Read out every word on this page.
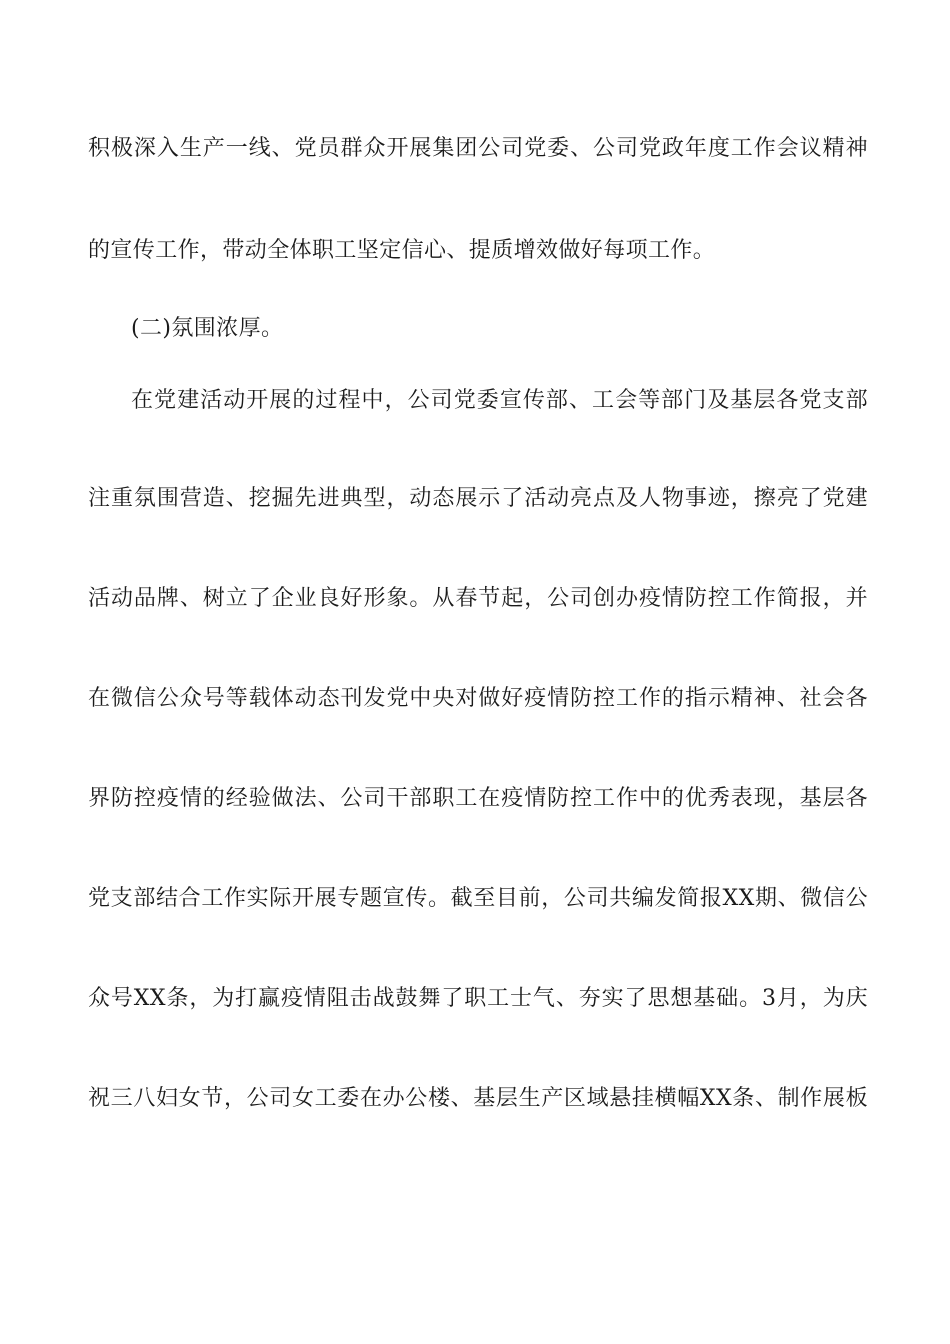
积极深入生产一线、党员群众开展集团公司党委、公司党政年度工作会议精神
的宣传工作，带动全体职工坚定信心、提质增效做好每项工作。
(二)氛围浓厚。
在党建活动开展的过程中，公司党委宣传部、工会等部门及基层各党支部
注重氛围营造、挖掘先进典型，动态展示了活动亮点及人物事迹，擦亮了党建
活动品牌、树立了企业良好形象。从春节起，公司创办疫情防控工作简报，并
在微信公众号等载体动态刊发党中央对做好疫情防控工作的指示精神、社会各
界防控疫情的经验做法、公司干部职工在疫情防控工作中的优秀表现，基层各
党支部结合工作实际开展专题宣传。截至目前，公司共编发简报XX期、微信公
众号XX条，为打赢疫情阻击战鼓舞了职工士气、夯实了思想基础。3月，为庆
祝三八妇女节，公司女工委在办公楼、基层生产区域悬挂横幅XX条、制作展板
